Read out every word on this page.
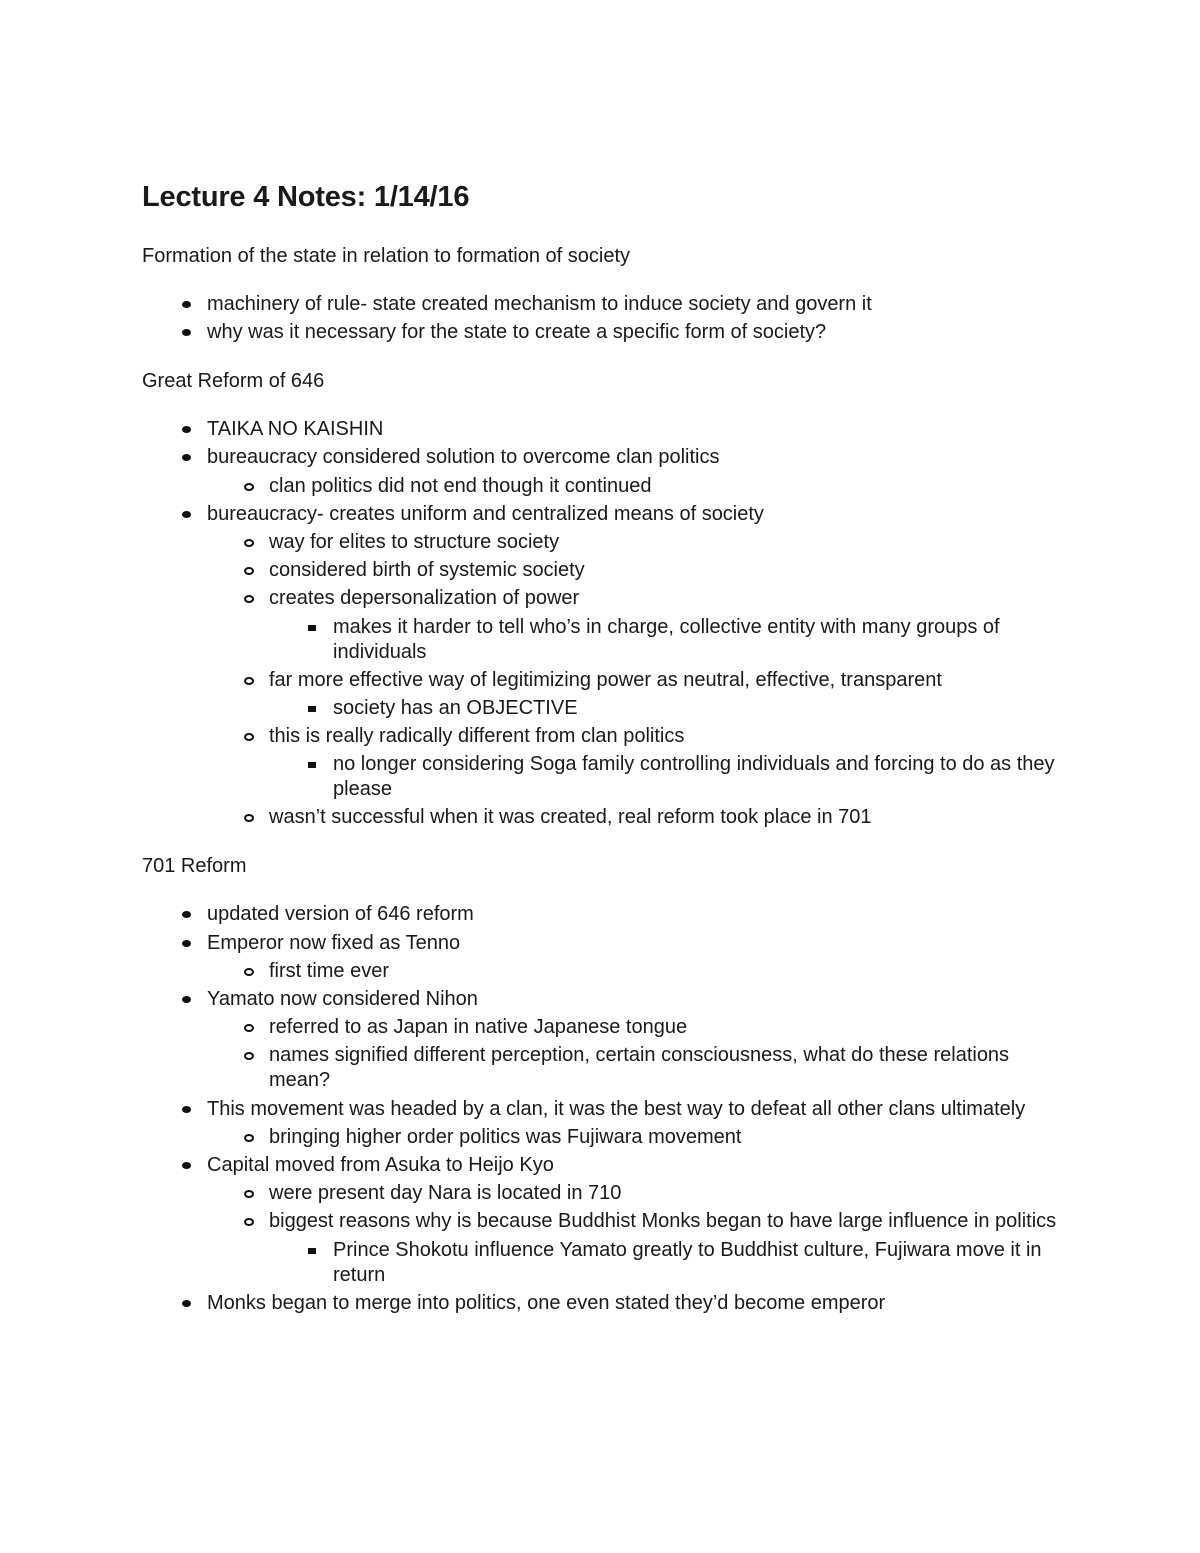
Lecture 4 Notes: 1/14/16

Formation of the state in relation to formation of society

machinery of rule- state created mechanism to induce society and govern it
why was it necessary for the state to create a specific form of society?

Great Reform of 646

TAIKA NO KAISHIN
bureaucracy considered solution to overcome clan politics
clan politics did not end though it continued
bureaucracy- creates uniform and centralized means of society
way for elites to structure society
considered birth of systemic society
creates depersonalization of power
makes it harder to tell who’s in charge, collective entity with many groups of individuals
far more effective way of legitimizing power as neutral, effective, transparent
society has an OBJECTIVE
this is really radically different from clan politics
no longer considering Soga family controlling individuals and forcing to do as they please
wasn’t successful when it was created, real reform took place in 701

701 Reform

updated version of 646 reform
Emperor now fixed as Tenno
first time ever
Yamato now considered Nihon
referred to as Japan in native Japanese tongue
names signified different perception, certain consciousness, what do these relations mean?
This movement was headed by a clan, it was the best way to defeat all other clans ultimately
bringing higher order politics was Fujiwara movement
Capital moved from Asuka to Heijo Kyo
were present day Nara is located in 710
biggest reasons why is because Buddhist Monks began to have large influence in politics
Prince Shokotu influence Yamato greatly to Buddhist culture, Fujiwara move it in return
Monks began to merge into politics, one even stated they’d become emperor
